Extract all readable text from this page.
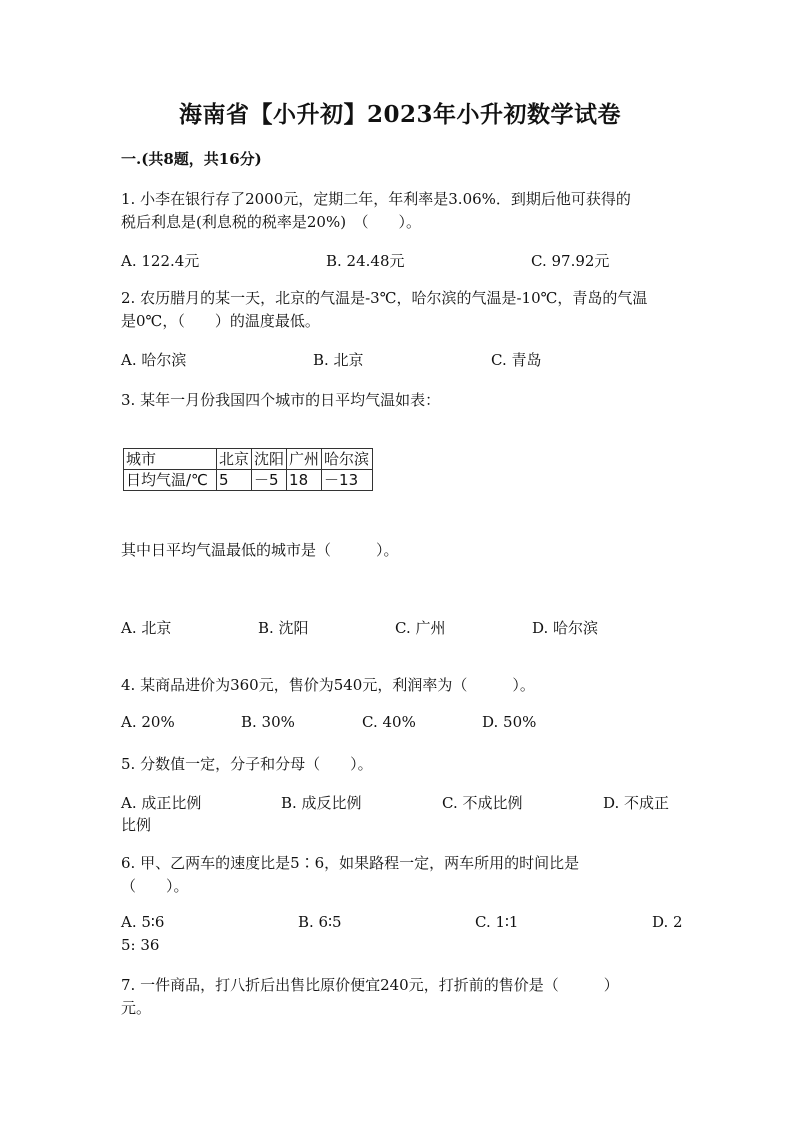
海南省【小升初】2023年小升初数学试卷
一.(共8题，共16分)
1. 小李在银行存了2000元，定期二年，年利率是3.06%．到期后他可获得的
税后利息是(利息税的税率是20%)　（　　）。
A. 122.4元	B. 24.48元	C. 97.92元
2. 农历腊月的某一天，北京的气温是-3℃，哈尔滨的气温是-10℃，青岛的气温
是0℃，（　　）的温度最低。
A. 哈尔滨	B. 北京	C. 青岛
3. 某年一月份我国四个城市的日平均气温如表：
城市	北京	沈阳	广州	哈尔滨
日均气温/℃	5	－5	18	－13
其中日平均气温最低的城市是（　　　）。
A. 北京	B. 沈阳	C. 广州	D. 哈尔滨
4. 某商品进价为360元，售价为540元，利润率为（　　　）。
A. 20%	B. 30%	C. 40%	D. 50%
5. 分数值一定，分子和分母（　　）。
A. 成正比例	B. 成反比例	C. 不成比例	D. 不成正
比例
6. 甲、乙两车的速度比是5∶6，如果路程一定，两车所用的时间比是
（　　）。
A. 5∶6	B. 6∶5	C. 1∶1	D. 2
5: 36
7. 一件商品，打八折后出售比原价便宜240元，打折前的售价是（　　　）
元。
